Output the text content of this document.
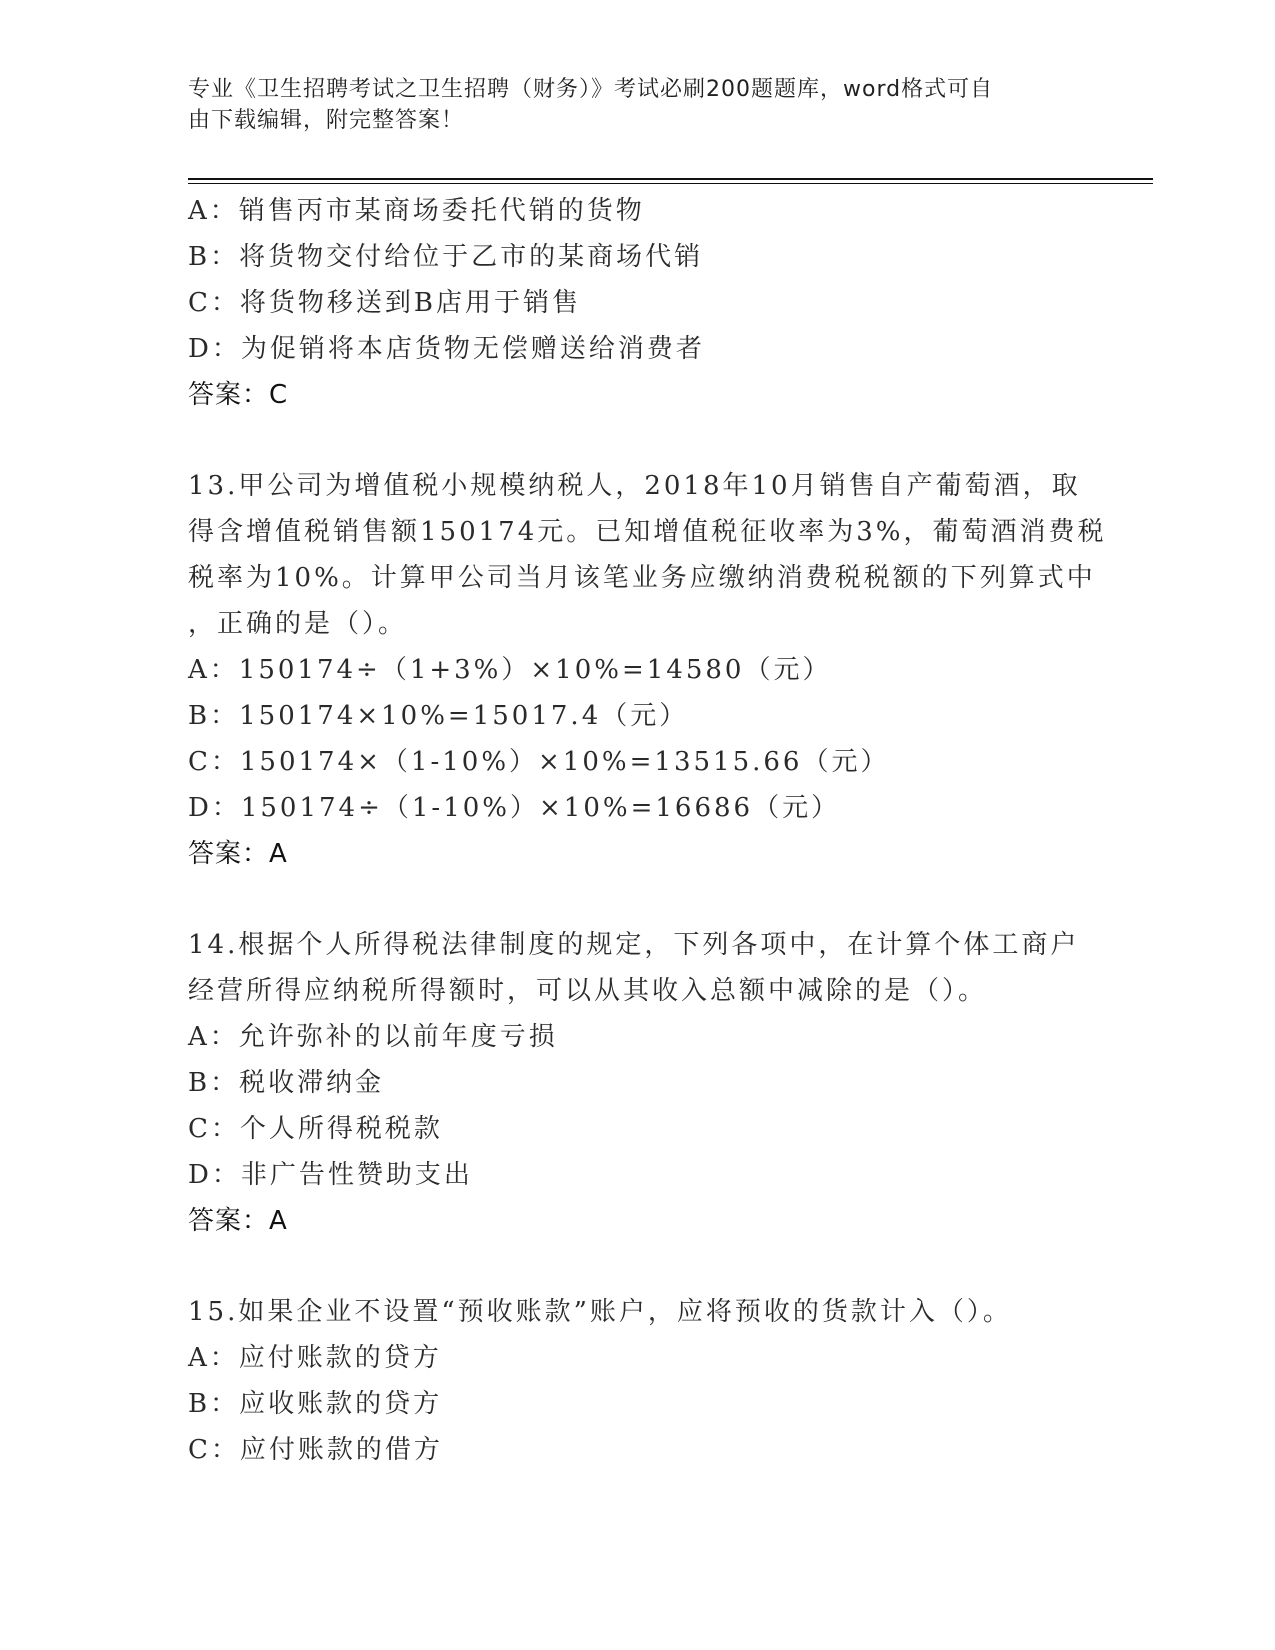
专业《卫生招聘考试之卫生招聘（财务）》考试必刷200题题库，word格式可自
由下载编辑，附完整答案！
A：销售丙市某商场委托代销的货物
B：将货物交付给位于乙市的某商场代销
C：将货物移送到B店用于销售
D：为促销将本店货物无偿赠送给消费者
答案：C
13.甲公司为增值税小规模纳税人，2018年10月销售自产葡萄酒，取
得含增值税销售额150174元。已知增值税征收率为3%，葡萄酒消费税
税率为10%。计算甲公司当月该笔业务应缴纳消费税税额的下列算式中
，正确的是（）。
A：150174÷（1+3%）×10%=14580（元）
B：150174×10%=15017.4（元）
C：150174×（1-10%）×10%=13515.66（元）
D：150174÷（1-10%）×10%=16686（元）
答案：A
14.根据个人所得税法律制度的规定，下列各项中，在计算个体工商户
经营所得应纳税所得额时，可以从其收入总额中减除的是（）。
A：允许弥补的以前年度亏损
B：税收滞纳金
C：个人所得税税款
D：非广告性赞助支出
答案：A
15.如果企业不设置“预收账款”账户，应将预收的货款计入（）。
A：应付账款的贷方
B：应收账款的贷方
C：应付账款的借方
